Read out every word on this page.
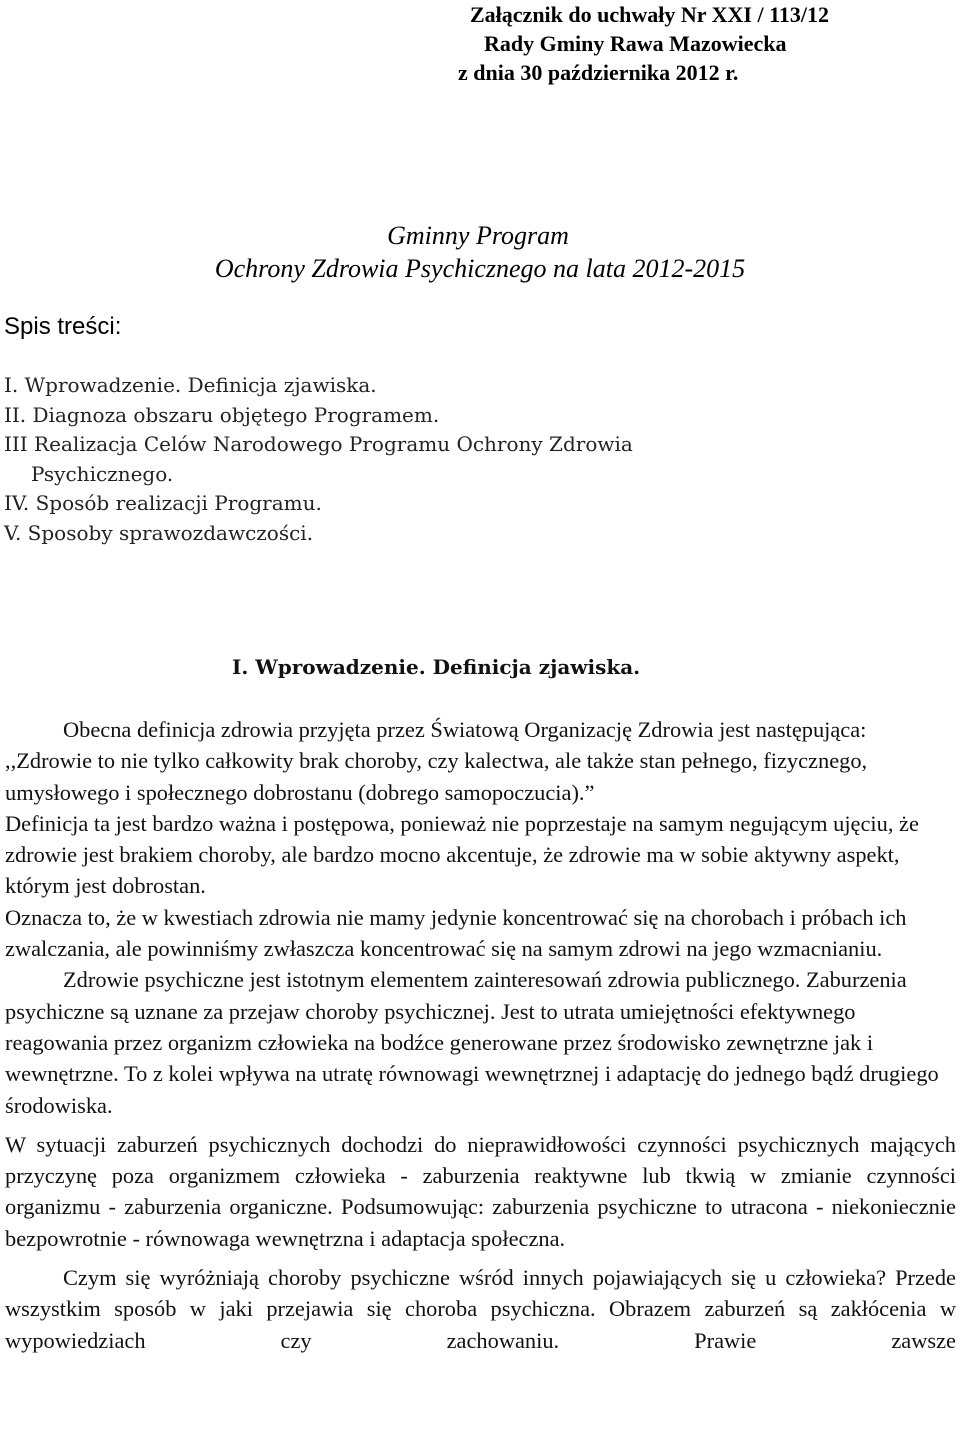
Załącznik do uchwały Nr XXI / 113/12
Rady Gminy Rawa Mazowiecka
z dnia 30 października 2012 r.
Gminny Program
Ochrony Zdrowia Psychicznego na lata 2012-2015
Spis treści:
I. Wprowadzenie. Definicja zjawiska.
II. Diagnoza obszaru objętego Programem.
III Realizacja Celów Narodowego Programu Ochrony Zdrowia
Psychicznego.
IV. Sposób realizacji Programu.
V. Sposoby sprawozdawczości.
I. Wprowadzenie. Definicja zjawiska.

Obecna definicja zdrowia przyjęta przez Światową Organizację Zdrowia jest następująca:

,,Zdrowie to nie tylko całkowity brak choroby, czy kalectwa, ale także stan pełnego, fizycznego, umysłowego i społecznego dobrostanu (dobrego samopoczucia).”

Definicja ta jest bardzo ważna i postępowa, ponieważ nie poprzestaje na samym negującym ujęciu, że zdrowie jest brakiem choroby, ale bardzo mocno akcentuje, że zdrowie ma w sobie aktywny aspekt, którym jest dobrostan.

Oznacza to, że w kwestiach zdrowia nie mamy jedynie koncentrować się na chorobach i próbach ich zwalczania, ale powinniśmy zwłaszcza koncentrować się na samym zdrowi na jego wzmacnianiu.

Zdrowie psychiczne jest istotnym elementem zainteresowań zdrowia publicznego. Zaburzenia psychiczne są uznane za przejaw choroby psychicznej. Jest to utrata umiejętności efektywnego reagowania przez organizm człowieka na bodźce generowane przez środowisko zewnętrzne jak i wewnętrzne. To z kolei wpływa na utratę równowagi wewnętrznej i adaptację do jednego bądź drugiego środowiska.

W sytuacji zaburzeń psychicznych dochodzi do nieprawidłowości czynności psychicznych mających przyczynę poza organizmem człowieka - zaburzenia reaktywne lub tkwią w zmianie czynności organizmu - zaburzenia organiczne. Podsumowując: zaburzenia psychiczne to utracona - niekoniecznie bezpowrotnie - równowaga wewnętrzna i adaptacja społeczna.

Czym się wyróżniają choroby psychiczne wśród innych pojawiających się u człowieka? Przede wszystkim sposób w jaki przejawia się choroba psychiczna. Obrazem zaburzeń są zakłócenia w wypowiedziach czy zachowaniu. Prawie zawsze
